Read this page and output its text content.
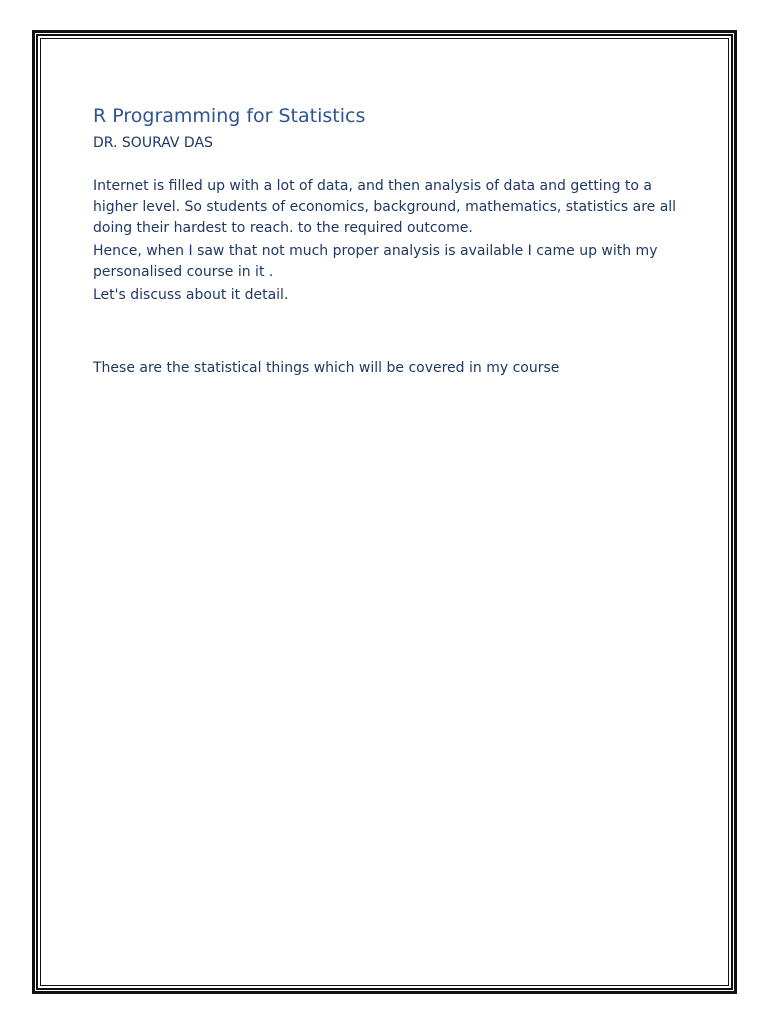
R Programming for Statistics

DR. SOURAV DAS

Internet is filled up with a lot of data, and then analysis of data and getting to a higher level. So students of economics, background, mathematics, statistics are all doing their hardest to reach. to the required outcome.

Hence, when I saw that not much proper analysis is available I came up with my personalised course in it .

Let's discuss about it detail.

These are the statistical things which will be covered in my course
